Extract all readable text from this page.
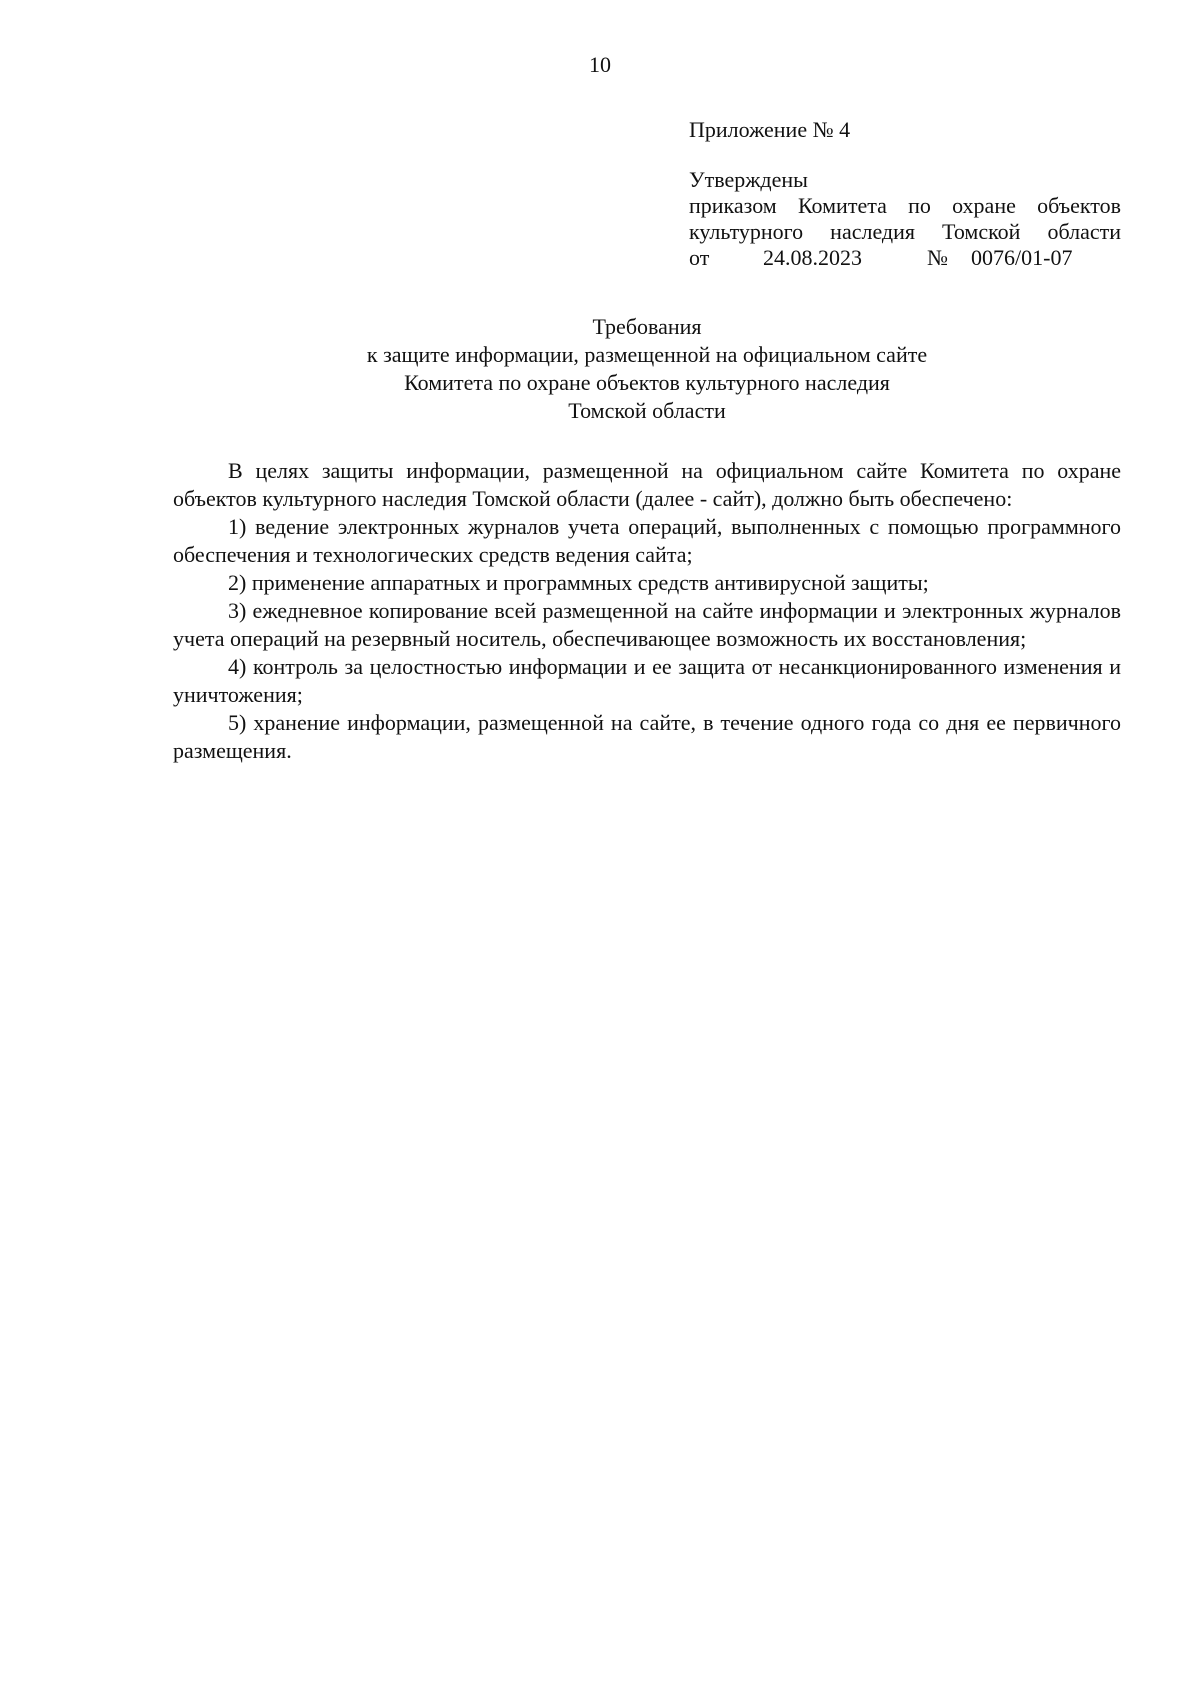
10
Приложение № 4
Утверждены
приказом Комитета по охране объектов
культурного наследия Томской области
от 24.08.2023	№ 0076/01-07
Требования
к защите информации, размещенной на официальном сайте
Комитета по охране объектов культурного наследия
Томской области

В целях защиты информации, размещенной на официальном сайте Комитета по охране объектов культурного наследия Томской области (далее - сайт), должно быть обеспечено:

1) ведение электронных журналов учета операций, выполненных с помощью программного обеспечения и технологических средств ведения сайта;

2) применение аппаратных и программных средств антивирусной защиты;

3) ежедневное копирование всей размещенной на сайте информации и электронных журналов учета операций на резервный носитель, обеспечивающее возможность их восстановления;

4) контроль за целостностью информации и ее защита от несанкционированного изменения и уничтожения;

5) хранение информации, размещенной на сайте, в течение одного года со дня ее первичного размещения.
